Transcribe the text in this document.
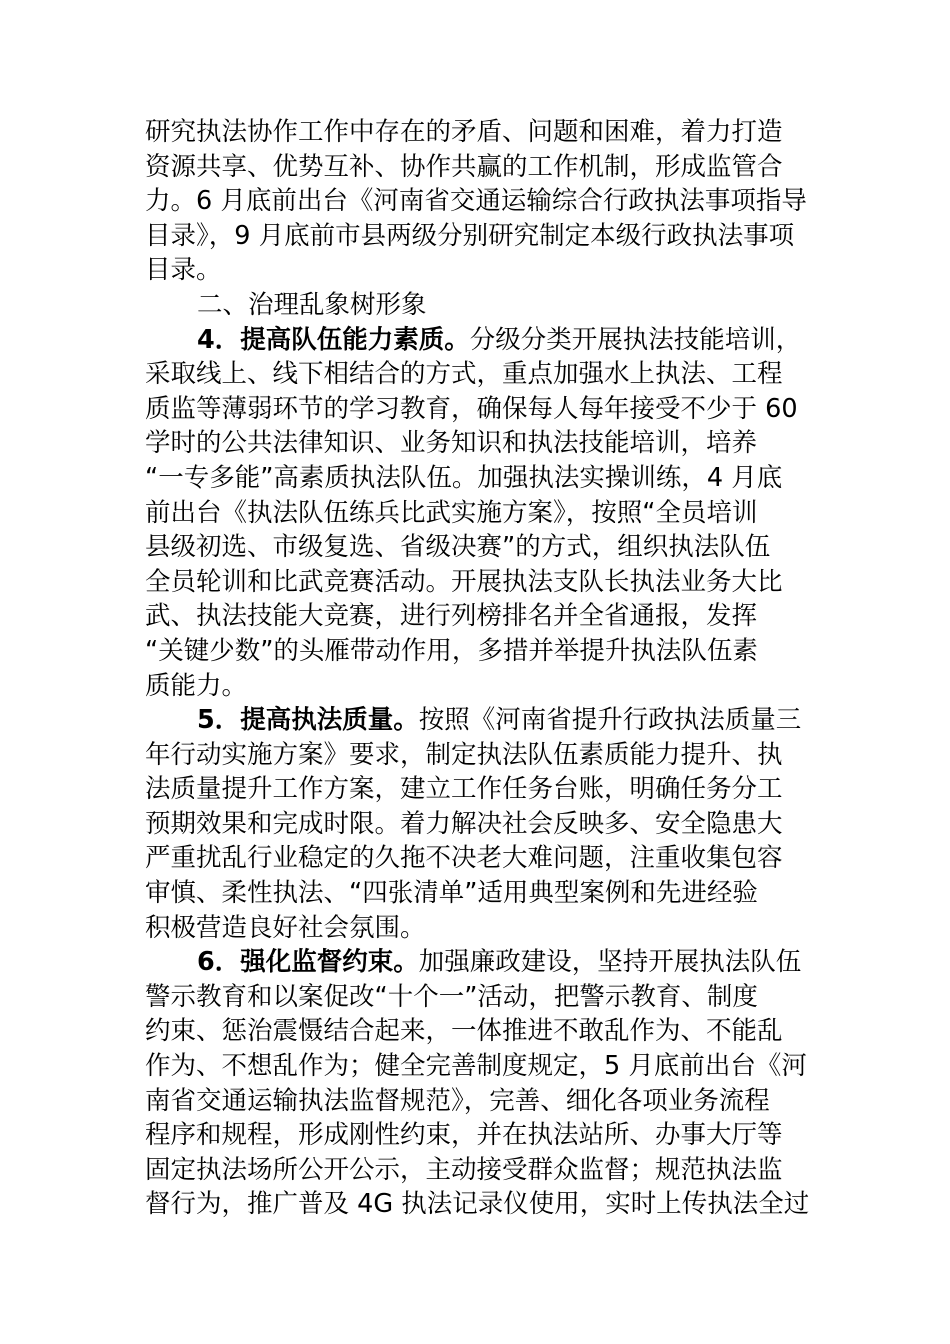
研究执法协作工作中存在的矛盾、问题和困难，着力打造
资源共享、优势互补、协作共赢的工作机制，形成监管合
力。6 月底前出台《河南省交通运输综合行政执法事项指导
目录》，9 月底前市县两级分别研究制定本级行政执法事项
目录。
二、治理乱象树形象
4．提高队伍能力素质。分级分类开展执法技能培训，
采取线上、线下相结合的方式，重点加强水上执法、工程
质监等薄弱环节的学习教育，确保每人每年接受不少于 60
学时的公共法律知识、业务知识和执法技能培训，培养
“一专多能”高素质执法队伍。加强执法实操训练，4 月底
前出台《执法队伍练兵比武实施方案》，按照“全员培训
县级初选、市级复选、省级决赛”的方式，组织执法队伍
全员轮训和比武竞赛活动。开展执法支队长执法业务大比
武、执法技能大竞赛，进行列榜排名并全省通报，发挥
“关键少数”的头雁带动作用，多措并举提升执法队伍素
质能力。
5．提高执法质量。按照《河南省提升行政执法质量三
年行动实施方案》要求，制定执法队伍素质能力提升、执
法质量提升工作方案，建立工作任务台账，明确任务分工
预期效果和完成时限。着力解决社会反映多、安全隐患大
严重扰乱行业稳定的久拖不决老大难问题，注重收集包容
审慎、柔性执法、“四张清单”适用典型案例和先进经验
积极营造良好社会氛围。
6．强化监督约束。加强廉政建设，坚持开展执法队伍
警示教育和以案促改“十个一”活动，把警示教育、制度
约束、惩治震慑结合起来，一体推进不敢乱作为、不能乱
作为、不想乱作为；健全完善制度规定，5 月底前出台《河
南省交通运输执法监督规范》，完善、细化各项业务流程
程序和规程，形成刚性约束，并在执法站所、办事大厅等
固定执法场所公开公示，主动接受群众监督；规范执法监
督行为，推广普及 4G 执法记录仪使用，实时上传执法全过
